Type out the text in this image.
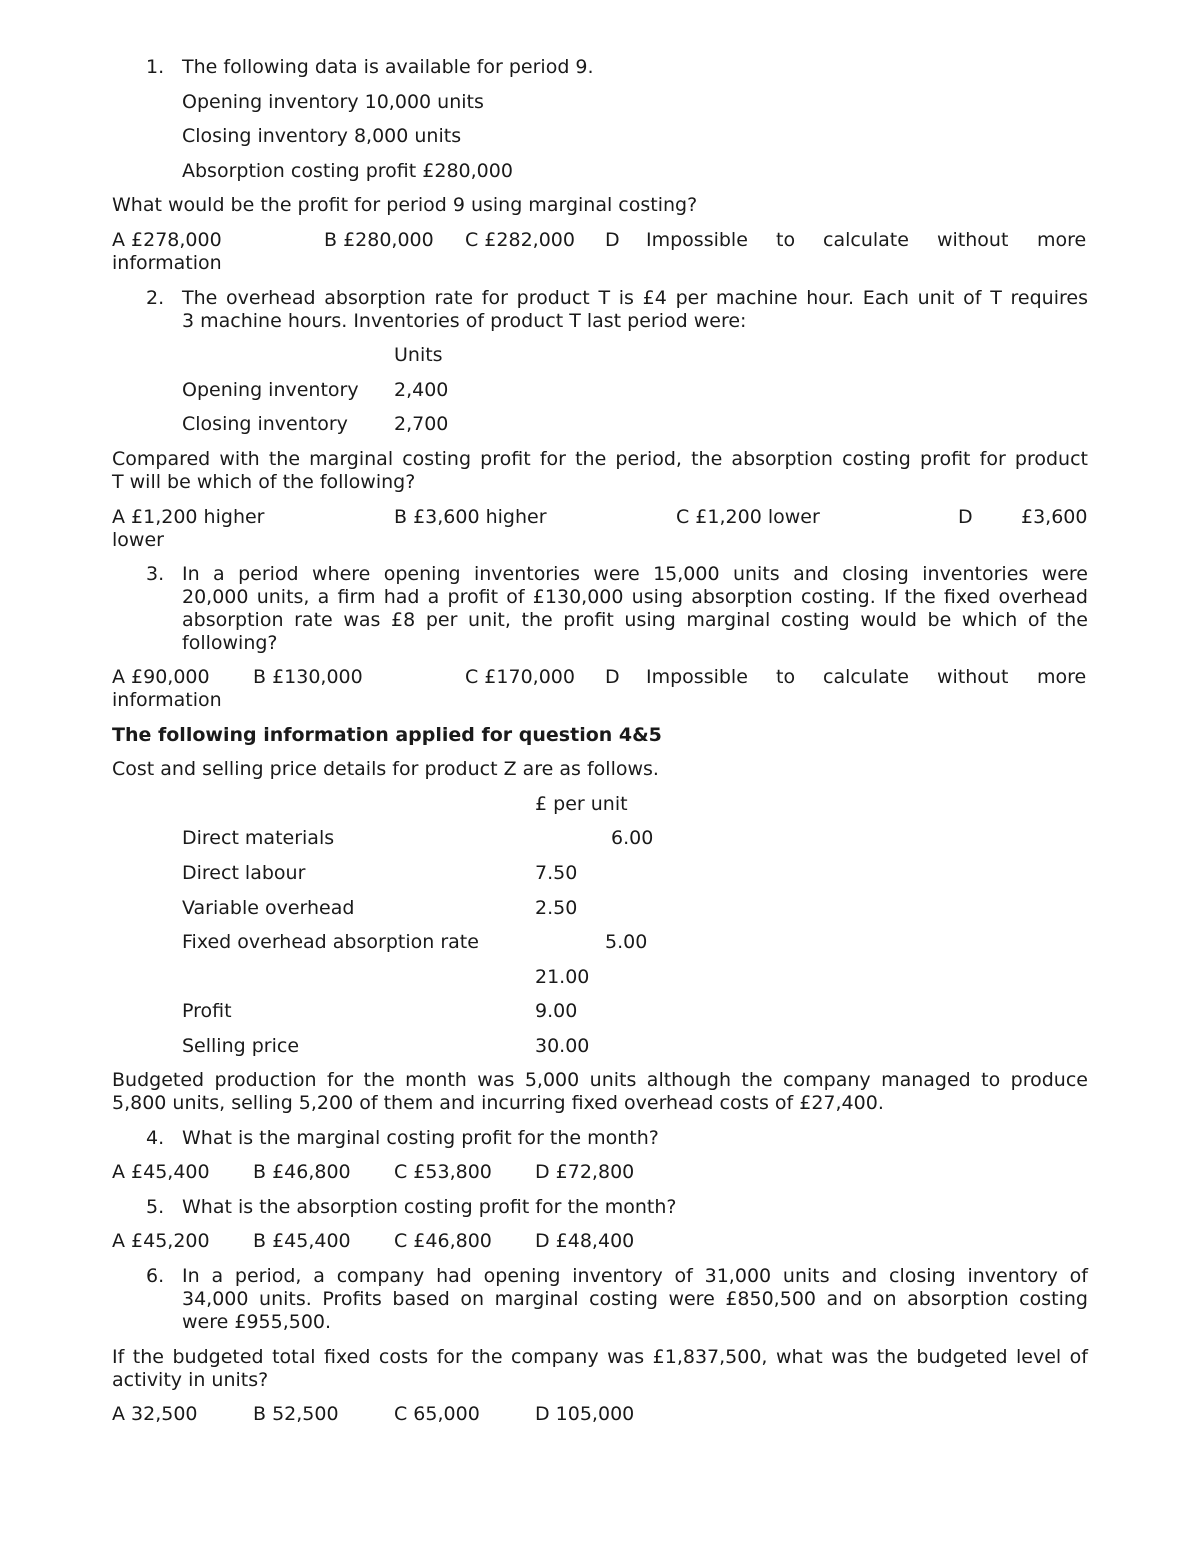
1. The following data is available for period 9.
Opening inventory 10,000 units
Closing inventory 8,000 units
Absorption costing profit £280,000
What would be the profit for period 9 using marginal costing?
A £278,000	B £280,000 C £282,000 D Impossible to calculate without more
information
2. The overhead absorption rate for product T is £4 per machine hour. Each unit of T requires
3 machine hours. Inventories of product T last period were:
Units
Opening inventory 2,400
Closing inventory 2,700
Compared with the marginal costing profit for the period, the absorption costing profit for product
T will be which of the following?
A £1,200 higher	B £3,600 higher	C £1,200 lower	D	£3,600
lower
3. In a period where opening inventories were 15,000 units and closing inventories were
20,000 units, a firm had a profit of £130,000 using absorption costing. If the fixed overhead
absorption rate was £8 per unit, the profit using marginal costing would be which of the
following?
A £90,000 B £130,000	C £170,000 D Impossible to calculate without more
information
The following information applied for question 4&5
Cost and selling price details for product Z are as follows.
£ per unit
Direct materials	6.00
Direct labour	7.50
Variable overhead	2.50
Fixed overhead absorption rate	5.00
21.00
Profit	9.00
Selling price	30.00
Budgeted production for the month was 5,000 units although the company managed to produce
5,800 units, selling 5,200 of them and incurring fixed overhead costs of £27,400.
4. What is the marginal costing profit for the month?
A £45,400 B £46,800 C £53,800 D £72,800
5. What is the absorption costing profit for the month?
A £45,200 B £45,400 C £46,800 D £48,400
6. In a period, a company had opening inventory of 31,000 units and closing inventory of
34,000 units. Profits based on marginal costing were £850,500 and on absorption costing
were £955,500.
If the budgeted total fixed costs for the company was £1,837,500, what was the budgeted level of
activity in units?
A 32,500	B 52,500	C 65,000	D 105,000
